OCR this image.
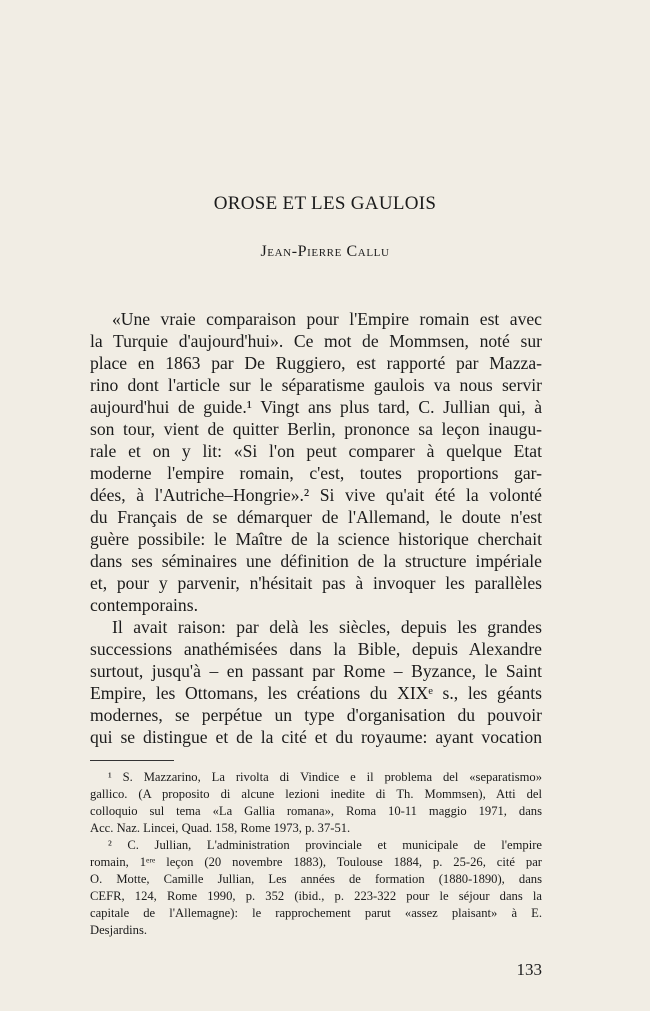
OROSE ET LES GAULOIS
Jean-Pierre Callu
«Une vraie comparaison pour l'Empire romain est avec
la Turquie d'aujourd'hui». Ce mot de Mommsen, noté sur
place en 1863 par De Ruggiero, est rapporté par Mazza-
rino dont l'article sur le séparatisme gaulois va nous servir
aujourd'hui de guide.¹ Vingt ans plus tard, C. Jullian qui, à
son tour, vient de quitter Berlin, prononce sa leçon inaugu-
rale et on y lit: «Si l'on peut comparer à quelque Etat
moderne l'empire romain, c'est, toutes proportions gar-
dées, à l'Autriche–Hongrie».² Si vive qu'ait été la volonté
du Français de se démarquer de l'Allemand, le doute n'est
guère possibile: le Maître de la science historique cherchait
dans ses séminaires une définition de la structure impériale
et, pour y parvenir, n'hésitait pas à invoquer les parallèles
contemporains.
Il avait raison: par delà les siècles, depuis les grandes
successions anathémisées dans la Bible, depuis Alexandre
surtout, jusqu'à – en passant par Rome – Byzance, le Saint
Empire, les Ottomans, les créations du XIXᵉ s., les géants
modernes, se perpétue un type d'organisation du pouvoir
qui se distingue et de la cité et du royaume: ayant vocation
¹ S. Mazzarino, La rivolta di Vindice e il problema del «separatismo»
gallico. (A proposito di alcune lezioni inedite di Th. Mommsen), Atti del
colloquio sul tema «La Gallia romana», Roma 10-11 maggio 1971, dans
Acc. Naz. Lincei, Quad. 158, Rome 1973, p. 37-51.
² C. Jullian, L'administration provinciale et municipale de l'empire
romain, 1ᵉʳᵉ leçon (20 novembre 1883), Toulouse 1884, p. 25-26, cité par
O. Motte, Camille Jullian, Les années de formation (1880-1890), dans
CEFR, 124, Rome 1990, p. 352 (ibid., p. 223-322 pour le séjour dans la
capitale de l'Allemagne): le rapprochement parut «assez plaisant» à E.
Desjardins.
133
